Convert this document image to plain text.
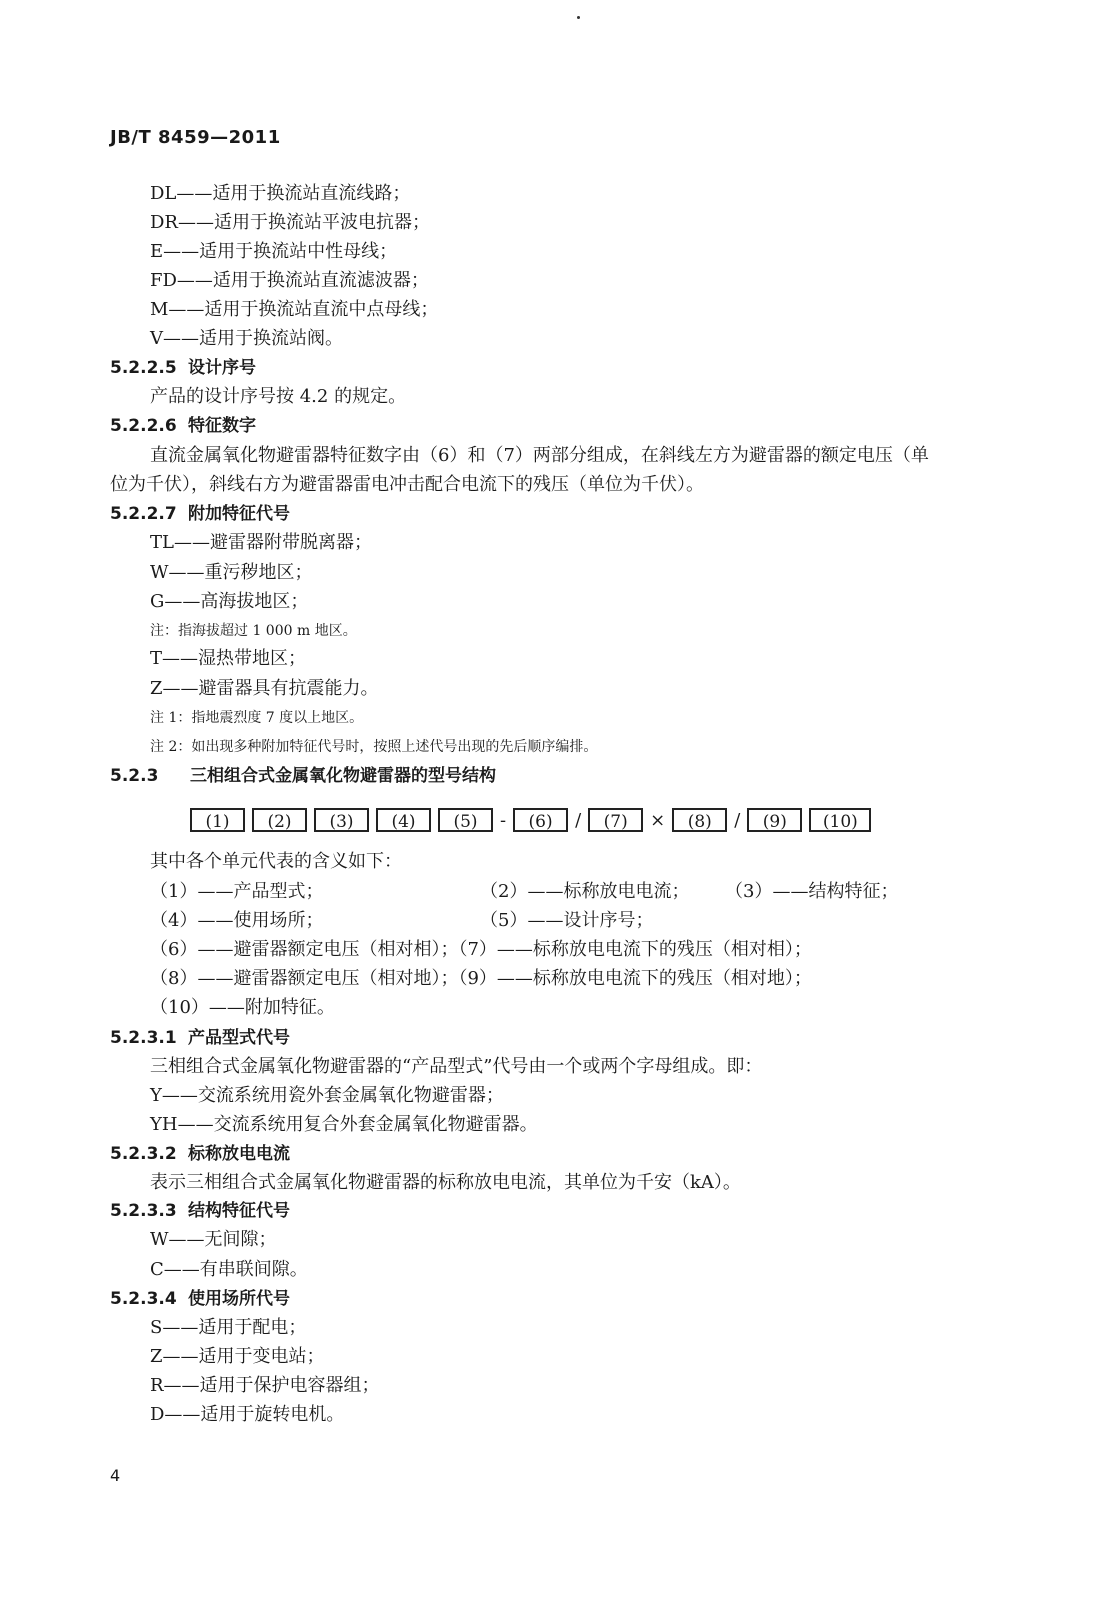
JB/T 8459—2011
DL——适用于换流站直流线路；
DR——适用于换流站平波电抗器；
E——适用于换流站中性母线；
FD——适用于换流站直流滤波器；
M——适用于换流站直流中点母线；
V——适用于换流站阀。
5.2.2.5 设计序号
产品的设计序号按 4.2 的规定。
5.2.2.6 特征数字
直流金属氧化物避雷器特征数字由（6）和（7）两部分组成，在斜线左方为避雷器的额定电压（单
位为千伏），斜线右方为避雷器雷电冲击配合电流下的残压（单位为千伏）。
5.2.2.7 附加特征代号
TL——避雷器附带脱离器；
W——重污秽地区；
G——高海拔地区；
注：指海拔超过 1 000 m 地区。
T——湿热带地区；
Z——避雷器具有抗震能力。
注 1：指地震烈度 7 度以上地区。
注 2：如出现多种附加特征代号时，按照上述代号出现的先后顺序编排。
5.2.3 三相组合式金属氧化物避雷器的型号结构
(1)	(2)	(3)	(4)	(5)	-	(6)	/	(7)	×	(8)	/	(9)	(10)
其中各个单元代表的含义如下：
（1）——产品型式；	（2）——标称放电电流； （3）——结构特征；
（4）——使用场所；	（5）——设计序号；
（6）——避雷器额定电压（相对相）；（7）——标称放电电流下的残压（相对相）；
（8）——避雷器额定电压（相对地）；（9）——标称放电电流下的残压（相对地）；
（10）——附加特征。
5.2.3.1 产品型式代号
三相组合式金属氧化物避雷器的“产品型式”代号由一个或两个字母组成。即：
Y——交流系统用瓷外套金属氧化物避雷器；
YH——交流系统用复合外套金属氧化物避雷器。
5.2.3.2 标称放电电流
表示三相组合式金属氧化物避雷器的标称放电电流，其单位为千安（kA）。
5.2.3.3 结构特征代号
W——无间隙；
C——有串联间隙。
5.2.3.4 使用场所代号
S——适用于配电；
Z——适用于变电站；
R——适用于保护电容器组；
D——适用于旋转电机。
4
